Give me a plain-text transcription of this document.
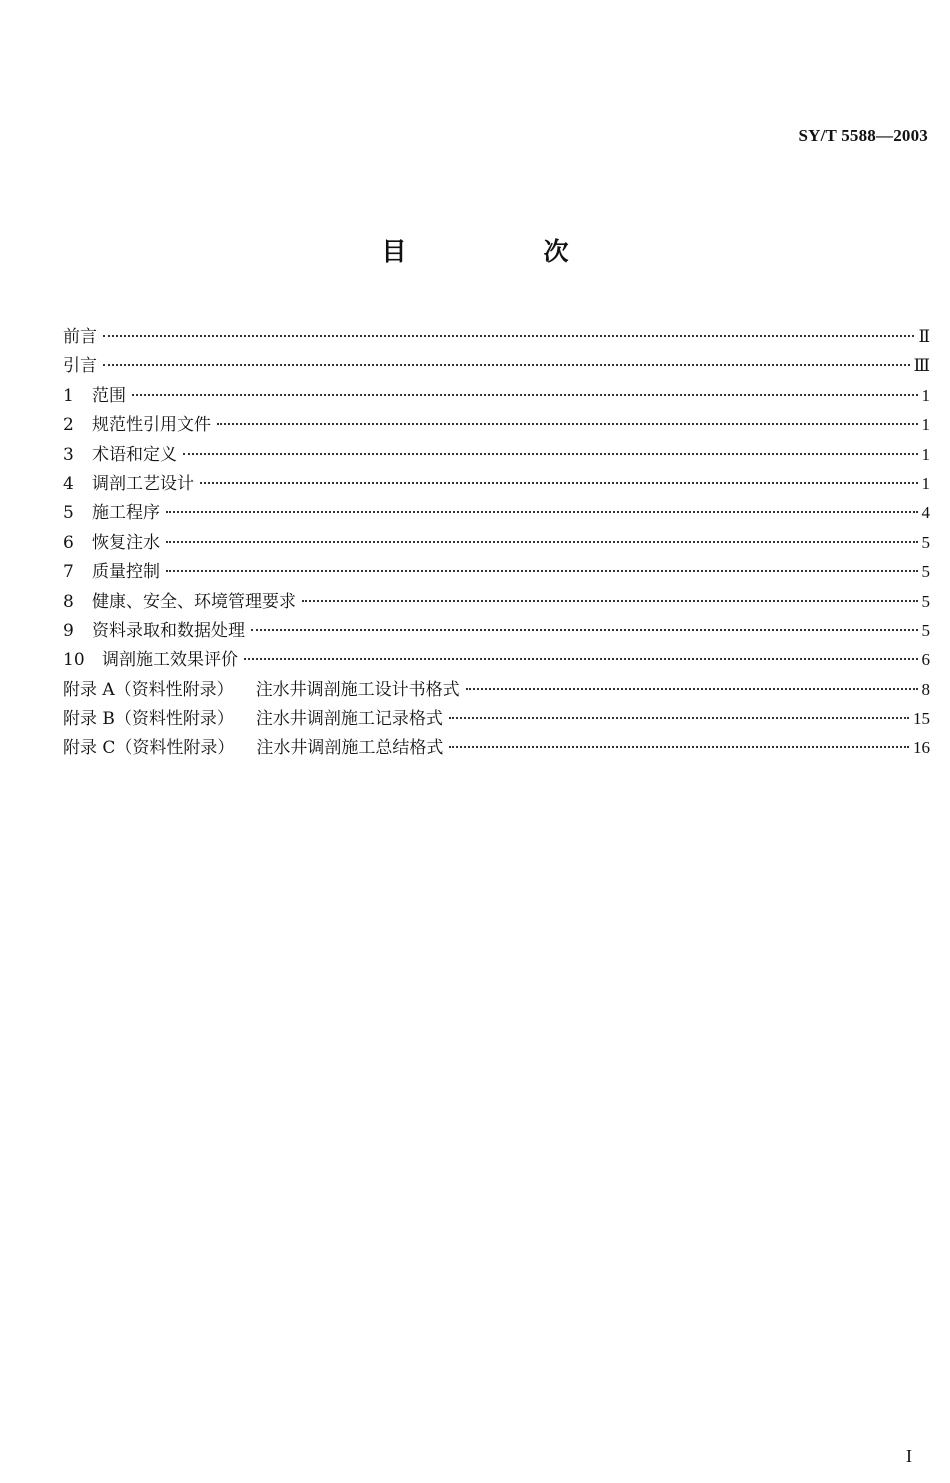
SY/T 5588—2003
目　次
前言	Ⅱ
引言	Ⅲ
1	范围	1
2	规范性引用文件	1
3	术语和定义	1
4	调剖工艺设计	1
5	施工程序	4
6	恢复注水	5
7	质量控制	5
8	健康、安全、环境管理要求	5
9	资料录取和数据处理	5
10	调剖施工效果评价	6
附录 A（资料性附录） 注水井调剖施工设计书格式	8
附录 B（资料性附录） 注水井调剖施工记录格式	15
附录 C（资料性附录） 注水井调剖施工总结格式	16
I
